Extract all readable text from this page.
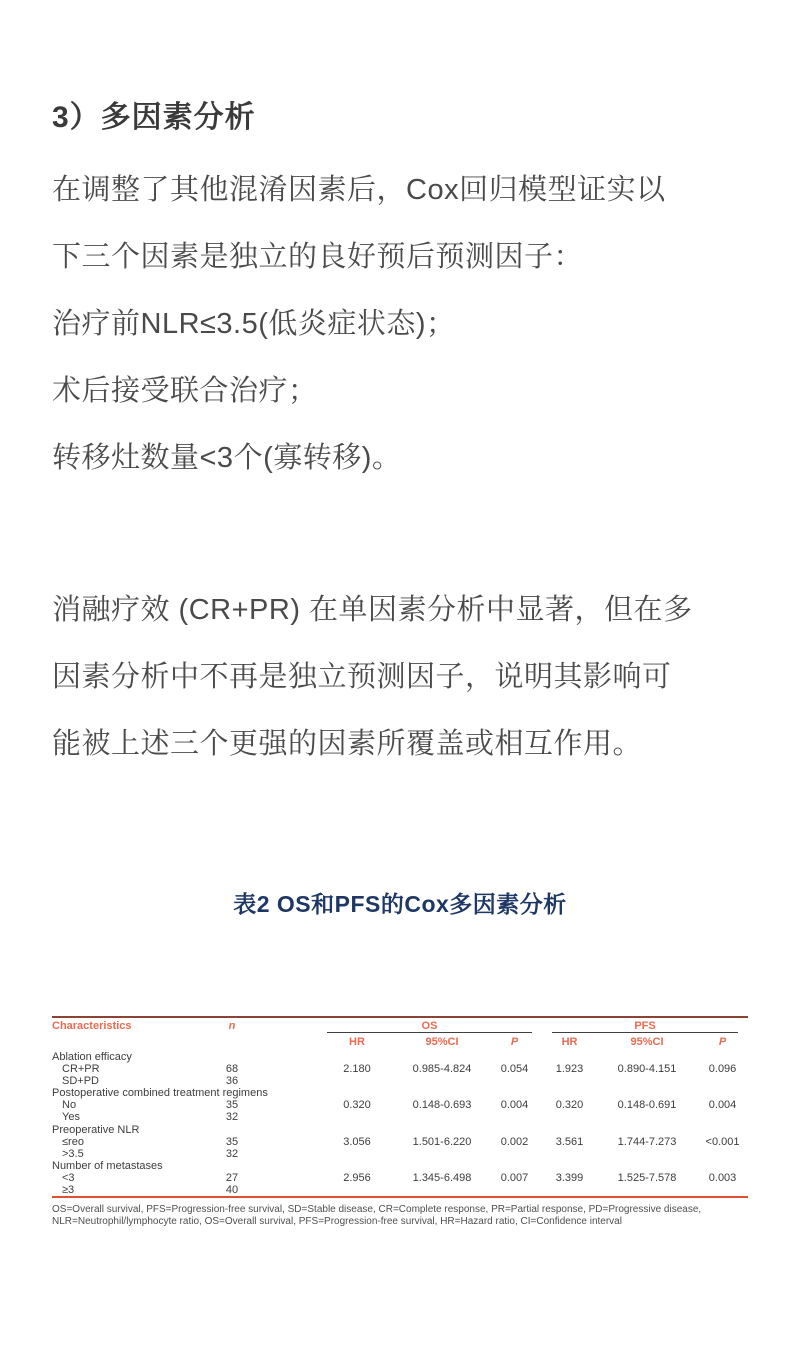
3）多因素分析
在调整了其他混淆因素后，Cox回归模型证实以
下三个因素是独立的良好预后预测因子：
治疗前NLR≤3.5(低炎症状态)；
术后接受联合治疗；
转移灶数量<3个(寡转移)。
消融疗效 (CR+PR) 在单因素分析中显著，但在多
因素分析中不再是独立预测因子，说明其影响可
能被上述三个更强的因素所覆盖或相互作用。
表2 OS和PFS的Cox多因素分析
Characteristics	n		OS			PFS		
			HR	95%CI	P	HR	95%CI	P
Ablation efficacy								
CR+PR	68		2.180	0.985-4.824	0.054	1.923	0.890-4.151	0.096
SD+PD	36							
Postoperative combined treatment regimens								
No	35		0.320	0.148-0.693	0.004	0.320	0.148-0.691	0.004
Yes	32							
Preoperative NLR								
≤reo	35		3.056	1.501-6.220	0.002	3.561	1.744-7.273	<0.001
>3.5	32							
Number of metastases								
<3	27		2.956	1.345-6.498	0.007	3.399	1.525-7.578	0.003
≥3	40							
OS=Overall survival, PFS=Progression-free survival, SD=Stable disease, CR=Complete response, PR=Partial response, PD=Progressive disease,
NLR=Neutrophil/lymphocyte ratio, OS=Overall survival, PFS=Progression-free survival, HR=Hazard ratio, CI=Confidence interval
